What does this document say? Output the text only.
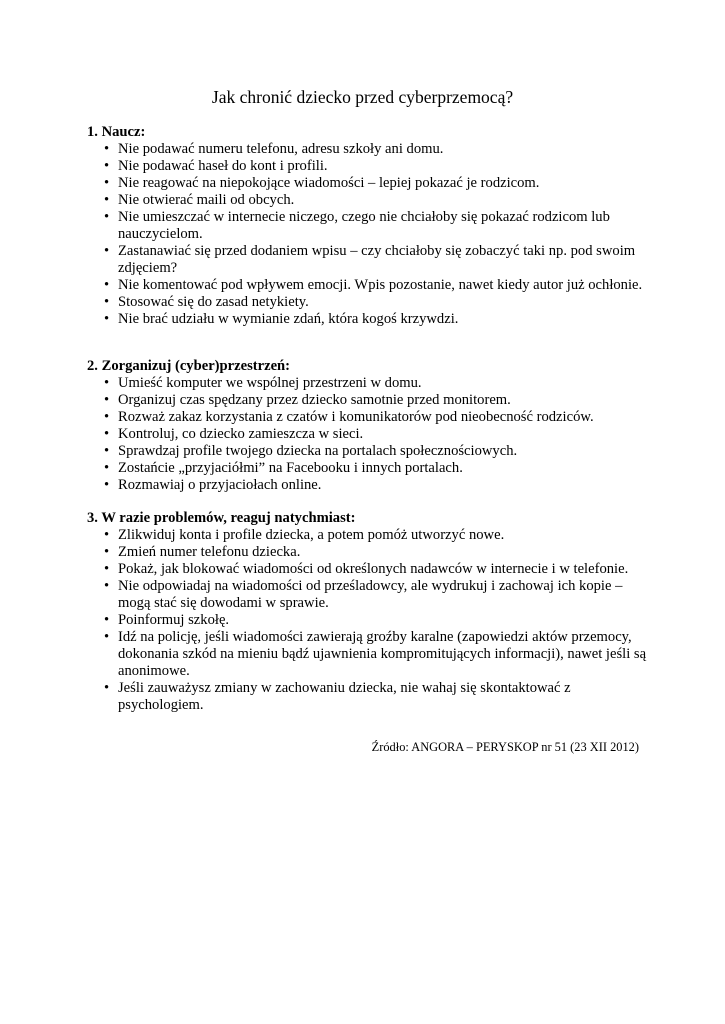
Jak chronić dziecko przed cyberprzemocą?

1. Naucz:

• Nie podawać numeru telefonu, adresu szkoły ani domu.
• Nie podawać haseł do kont i profili.
• Nie reagować na niepokojące wiadomości – lepiej pokazać je rodzicom.
• Nie otwierać maili od obcych.
• Nie umieszczać w internecie niczego, czego nie chciałoby się pokazać rodzicom lub nauczycielom.
• Zastanawiać się przed dodaniem wpisu – czy chciałoby się zobaczyć taki np. pod swoim zdjęciem?
• Nie komentować pod wpływem emocji. Wpis pozostanie, nawet kiedy autor już ochłonie.
• Stosować się do zasad netykiety.
• Nie brać udziału w wymianie zdań, która kogoś krzywdzi.

2. Zorganizuj (cyber)przestrzeń:

• Umieść komputer we wspólnej przestrzeni w domu.
• Organizuj czas spędzany przez dziecko samotnie przed monitorem.
• Rozważ zakaz korzystania z czatów i komunikatorów pod nieobecność rodziców.
• Kontroluj, co dziecko zamieszcza w sieci.
• Sprawdzaj profile twojego dziecka na portalach społecznościowych.
• Zostańcie „przyjaciółmi” na Facebooku i innych portalach.
• Rozmawiaj o przyjaciołach online.

3. W razie problemów, reaguj natychmiast:

• Zlikwiduj konta i profile dziecka, a potem pomóż utworzyć nowe.
• Zmień numer telefonu dziecka.
• Pokaż, jak blokować wiadomości od określonych nadawców w internecie i w telefonie.
• Nie odpowiadaj na wiadomości od prześladowcy, ale wydrukuj i zachowaj ich kopie – mogą stać się dowodami w sprawie.
• Poinformuj szkołę.
• Idź na policję, jeśli wiadomości zawierają groźby karalne (zapowiedzi aktów przemocy, dokonania szkód na mieniu bądź ujawnienia kompromitujących informacji), nawet jeśli są anonimowe.
• Jeśli zauważysz zmiany w zachowaniu dziecka, nie wahaj się skontaktować z psychologiem.
Źródło: ANGORA – PERYSKOP nr 51 (23 XII 2012)
